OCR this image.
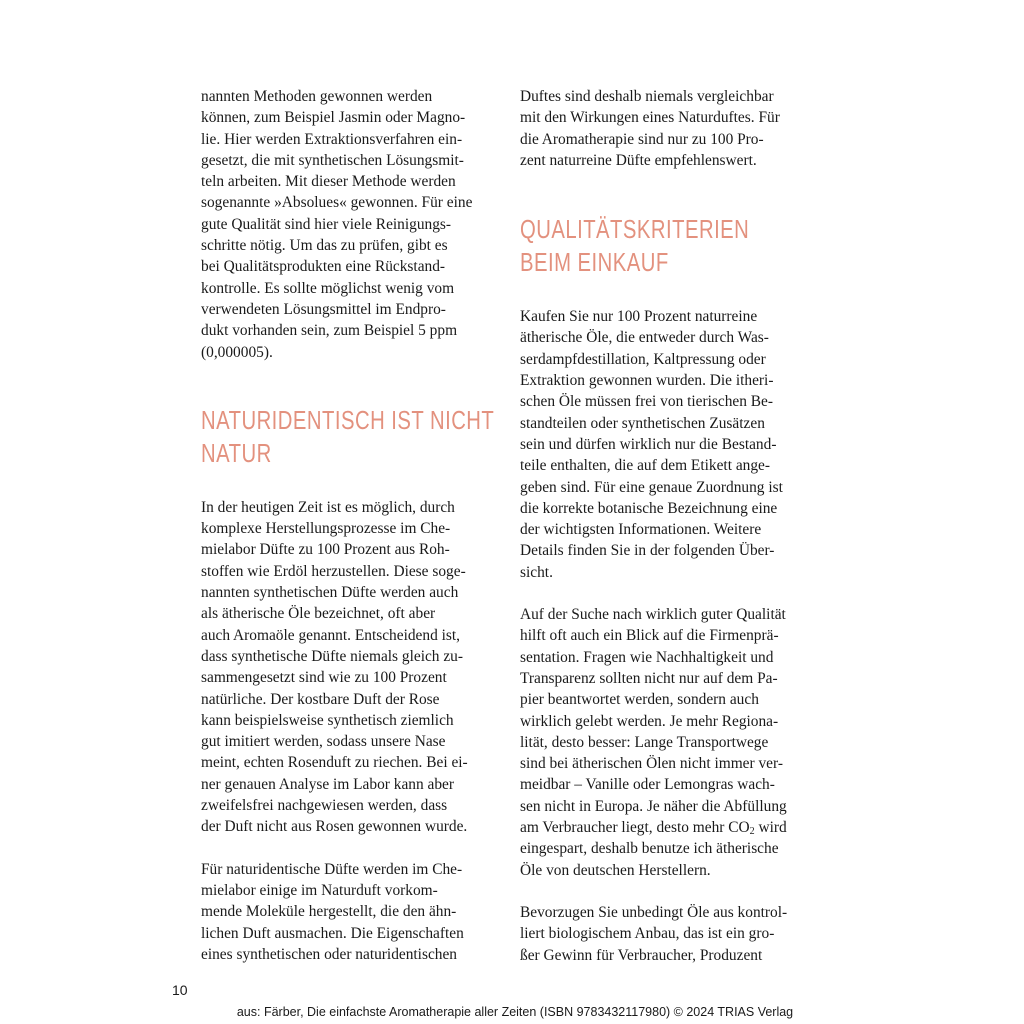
nannten Methoden gewonnen werden
können, zum Beispiel Jasmin oder Magno-
lie. Hier werden Extraktionsverfahren ein-
gesetzt, die mit synthetischen Lösungsmit-
teln arbeiten. Mit dieser Methode werden
sogenannte »Absolues« gewonnen. Für eine
gute Qualität sind hier viele Reinigungs-
schritte nötig. Um das zu prüfen, gibt es
bei Qualitätsprodukten eine Rückstand-
kontrolle. Es sollte möglichst wenig vom
verwendeten Lösungsmittel im Endpro-
dukt vorhanden sein, zum Beispiel 5 ppm
(0,000005).

NATURIDENTISCH IST NICHT
NATUR

In der heutigen Zeit ist es möglich, durch
komplexe Herstellungsprozesse im Che-
mielabor Düfte zu 100 Prozent aus Roh-
stoffen wie Erdöl herzustellen. Diese soge-
nannten synthetischen Düfte werden auch
als ätherische Öle bezeichnet, oft aber
auch Aromaöle genannt. Entscheidend ist,
dass synthetische Düfte niemals gleich zu-
sammengesetzt sind wie zu 100 Prozent
natürliche. Der kostbare Duft der Rose
kann beispielsweise synthetisch ziemlich
gut imitiert werden, sodass unsere Nase
meint, echten Rosenduft zu riechen. Bei ei-
ner genauen Analyse im Labor kann aber
zweifelsfrei nachgewiesen werden, dass
der Duft nicht aus Rosen gewonnen wurde.

Für naturidentische Düfte werden im Che-
mielabor einige im Naturduft vorkom-
mende Moleküle hergestellt, die den ähn-
lichen Duft ausmachen. Die Eigenschaften
eines synthetischen oder naturidentischen

Duftes sind deshalb niemals vergleichbar
mit den Wirkungen eines Naturduftes. Für
die Aromatherapie sind nur zu 100 Pro-
zent naturreine Düfte empfehlenswert.

QUALITÄTSKRITERIEN
BEIM EINKAUF

Kaufen Sie nur 100 Prozent naturreine
ätherische Öle, die entweder durch Was-
serdampfdestillation, Kaltpressung oder
Extraktion gewonnen wurden. Die itheri-
schen Öle müssen frei von tierischen Be-
standteilen oder synthetischen Zusätzen
sein und dürfen wirklich nur die Bestand-
teile enthalten, die auf dem Etikett ange-
geben sind. Für eine genaue Zuordnung ist
die korrekte botanische Bezeichnung eine
der wichtigsten Informationen. Weitere
Details finden Sie in der folgenden Über-
sicht.

Auf der Suche nach wirklich guter Qualität
hilft oft auch ein Blick auf die Firmenprä-
sentation. Fragen wie Nachhaltigkeit und
Transparenz sollten nicht nur auf dem Pa-
pier beantwortet werden, sondern auch
wirklich gelebt werden. Je mehr Regiona-
lität, desto besser: Lange Transportwege
sind bei ätherischen Ölen nicht immer ver-
meidbar – Vanille oder Lemongras wach-
sen nicht in Europa. Je näher die Abfüllung
am Verbraucher liegt, desto mehr $CO_2$ wird
eingespart, deshalb benutze ich ätherische
Öle von deutschen Herstellern.

Bevorzugen Sie unbedingt Öle aus kontrol-
liert biologischem Anbau, das ist ein gro-
ßer Gewinn für Verbraucher, Produzent

10
aus: Färber, Die einfachste Aromatherapie aller Zeiten (ISBN 9783432117980) © 2024 TRIAS Verlag
